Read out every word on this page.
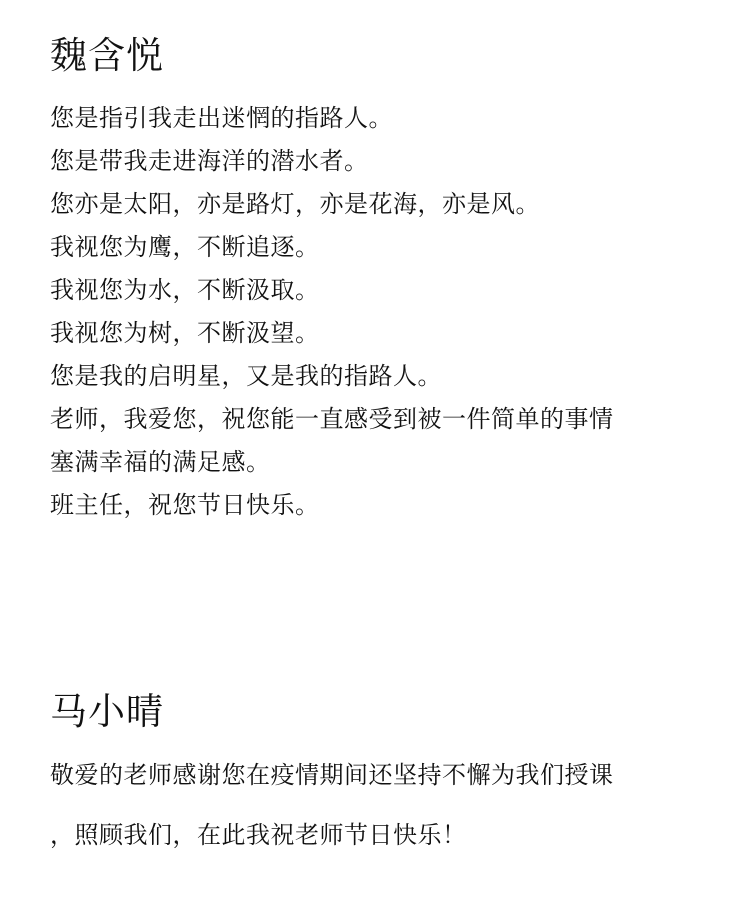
魏含悦
您是指引我走出迷惘的指路人。
您是带我走进海洋的潜水者。
您亦是太阳，亦是路灯，亦是花海，亦是风。
我视您为鹰，不断追逐。
我视您为水，不断汲取。
我视您为树，不断汲望。
您是我的启明星，又是我的指路人。
老师，我爱您，祝您能一直感受到被一件简单的事情
塞满幸福的满足感。
班主任，祝您节日快乐。
马小晴
敬爱的老师感谢您在疫情期间还坚持不懈为我们授课
，照顾我们，在此我祝老师节日快乐！
